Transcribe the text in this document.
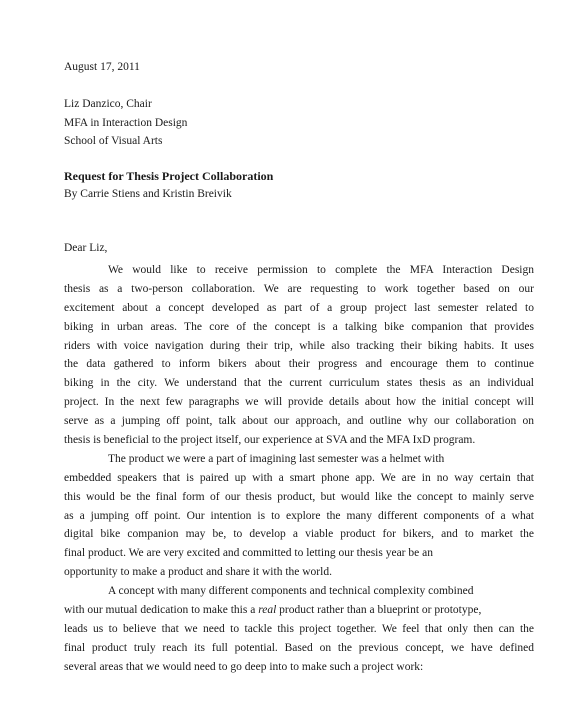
August 17, 2011
Liz Danzico, Chair
MFA in Interaction Design
School of Visual Arts
Request for Thesis Project Collaboration
By Carrie Stiens and Kristin Breivik
Dear Liz,
We would like to receive permission to complete the MFA Interaction Design
thesis as a two-person collaboration. We are requesting to work together based on our
excitement about a concept developed as part of a group project last semester related to
biking in urban areas. The core of the concept is a talking bike companion that provides
riders with voice navigation during their trip, while also tracking their biking habits. It uses
the data gathered to inform bikers about their progress and encourage them to continue
biking in the city. We understand that the current curriculum states thesis as an individual
project. In the next few paragraphs we will provide details about how the initial concept will
serve as a jumping off point, talk about our approach, and outline why our collaboration on
thesis is beneficial to the project itself, our experience at SVA and the MFA IxD program.
The product we were a part of imagining last semester was a helmet with
embedded speakers that is paired up with a smart phone app. We are in no way certain that
this would be the final form of our thesis product, but would like the concept to mainly serve
as a jumping off point. Our intention is to explore the many different components of a what
digital bike companion may be, to develop a viable product for bikers, and to market the
final product. We are very excited and committed to letting our thesis year be an
opportunity to make a product and share it with the world.
A concept with many different components and technical complexity combined
with our mutual dedication to make this a real product rather than a blueprint or prototype,
leads us to believe that we need to tackle this project together. We feel that only then can the
final product truly reach its full potential. Based on the previous concept, we have defined
several areas that we would need to go deep into to make such a project work:
